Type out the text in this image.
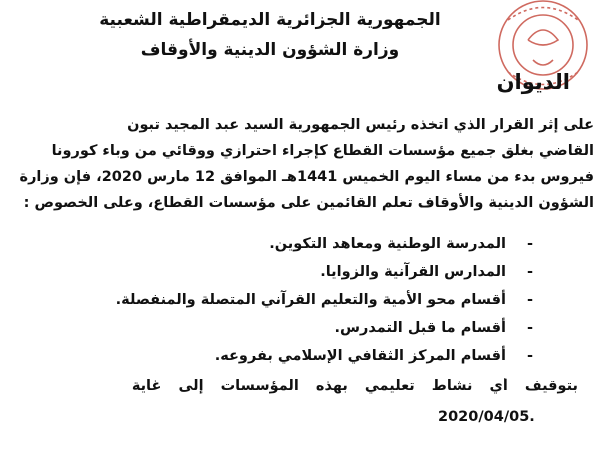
الجمهورية الجزائرية الديمقراطية الشعبية
وزارة الشؤون الدينية والأوقاف
الديوان

على إثر القرار الذي اتخذه رئيس الجمهورية السيد عبد المجيد تبون

القاضي بغلق جميع مؤسسات القطاع كإجراء احترازي ووقائي من وباء كورونا

فيروس بدء من مساء اليوم الخميس 1441هـ الموافق 12 مارس 2020، فإن وزارة

الشؤون الدينية والأوقاف تعلم القائمين على مؤسسات القطاع، وعلى الخصوص :

-
المدرسة الوطنية ومعاهد التكوين.
-
المدارس القرآنية والزوايا.
-
أقسام محو الأمية والتعليم القرآني المتصلة والمنفصلة.
-
أقسام ما قبل التمدرس.
-
أقسام المركز الثقافي الإسلامي بفروعه.
بتوقيف أي نشاط تعليمي بهذه المؤسسات إلى غاية
2020/04/05.
